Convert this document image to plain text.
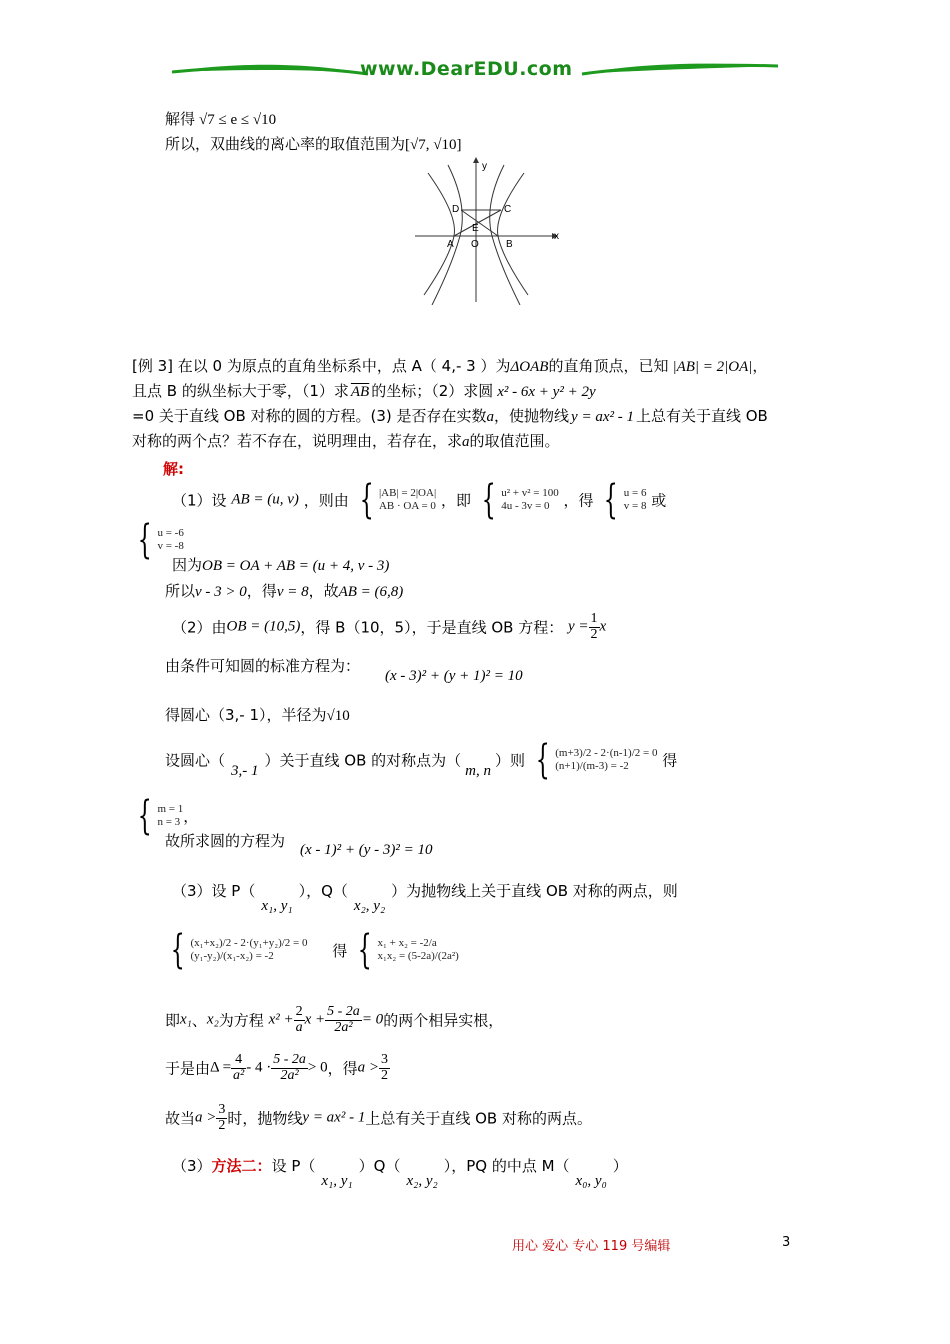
www.DearEDU.com
解得 √7 ≤ e ≤ √10
所以，双曲线的离心率的取值范围为[√7, √10]
y
x
D	C
E
A O	B
[例 3] 在以 0 为原点的直角坐标系中，点 A（ 4,- 3 ）为ΔOAB的直角顶点，已知 |AB| = 2|OA|，
且点 B 的纵坐标大于零，（1）求 $\overline{AB}$ 的坐标；（2）求圆 x² - 6x + y² + 2y
=0 关于直线 OB 对称的圆的方程。(3) 是否存在实数a，使抛物线 y = ax² - 1 上总有关于直线 OB
对称的两个点？若不存在，说明理由，若存在，求a的取值范围。
解:
（1）设 AB = (u, v) ，则由 { |AB| = 2|OA|
AB · OA = 0 ，即 { u² + v² = 100
4u - 3v = 0 ，得 { u = 6
v = 8 或
{ u = -6
v = -8
因为OB = OA + AB = (u + 4, v - 3)
所以v - 3 > 0，得v = 8，故AB = (6,8)
（2）由OB = (10,5)，得 B（10，5），于是直线 OB 方程： $y = \frac{1}{2}$ x
由条件可知圆的标准方程为：
(x - 3)² + (y + 1)² = 10
得圆心（3,- 1），半径为√10
设圆心（3,- 1）关于直线 OB 的对称点为（m, n）则 { (m+3)/2 - 2·(n-1)/2 = 0
(n+1)/(m-3) = -2 得
{ m = 1
n = 3 ，
故所求圆的方程为 (x - 1)² + (y - 3)² = 10
（3）设 P（x₁, y₁），Q（x₂, y₂）为抛物线上关于直线 OB 对称的两点，则
{ (x₁+x₂)/2 - 2·(y₁+y₂)/2 = 0
(y₁-y₂)/(x₁-x₂) = -2	得 { x₁ + x₂ = -2/a
x₁x₂ = (5-2a)/(2a²)
即x₁、x₂为方程 $x^2 + \frac{2}{a}$ $x + \frac{5 - 2a}{\text{2a²}} = 0$的两个相异实根，
于是由$\Delta = \frac{4}{\text{a²}} - 4 \cdot \frac{5 - 2a}{\text{2a²}} > 0$，得$a > \frac{3}{2}$
故当$a > \frac{3}{2}$ 时，抛物线y = ax² - 1上总有关于直线 OB 对称的两点。
（3）方法二：设 P（x₁, y₁）Q（x₂, y₂），PQ 的中点 M（x₀, y₀）
用心 爱心 专心 119 号编辑	3
